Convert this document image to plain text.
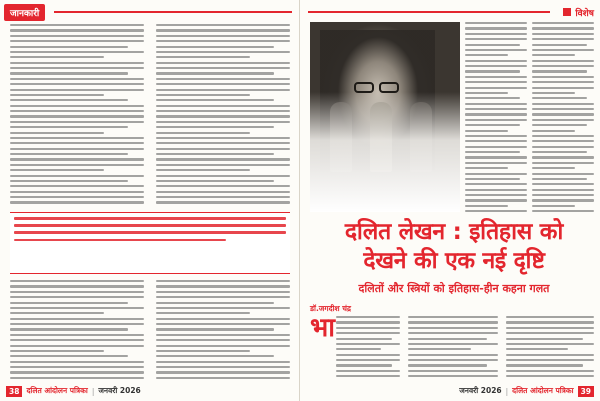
जानकारी
38 दलित आंदोलन पत्रिका | जनवरी 2026
विशेष
दलित लेखन : इतिहास को
देखने की एक नई दृष्टि
दलितों और स्त्रियों को इतिहास-हीन कहना गलत
डॉ.जगदीश चंद्र
भा
जनवरी 2026 | दलित आंदोलन पत्रिका 39
